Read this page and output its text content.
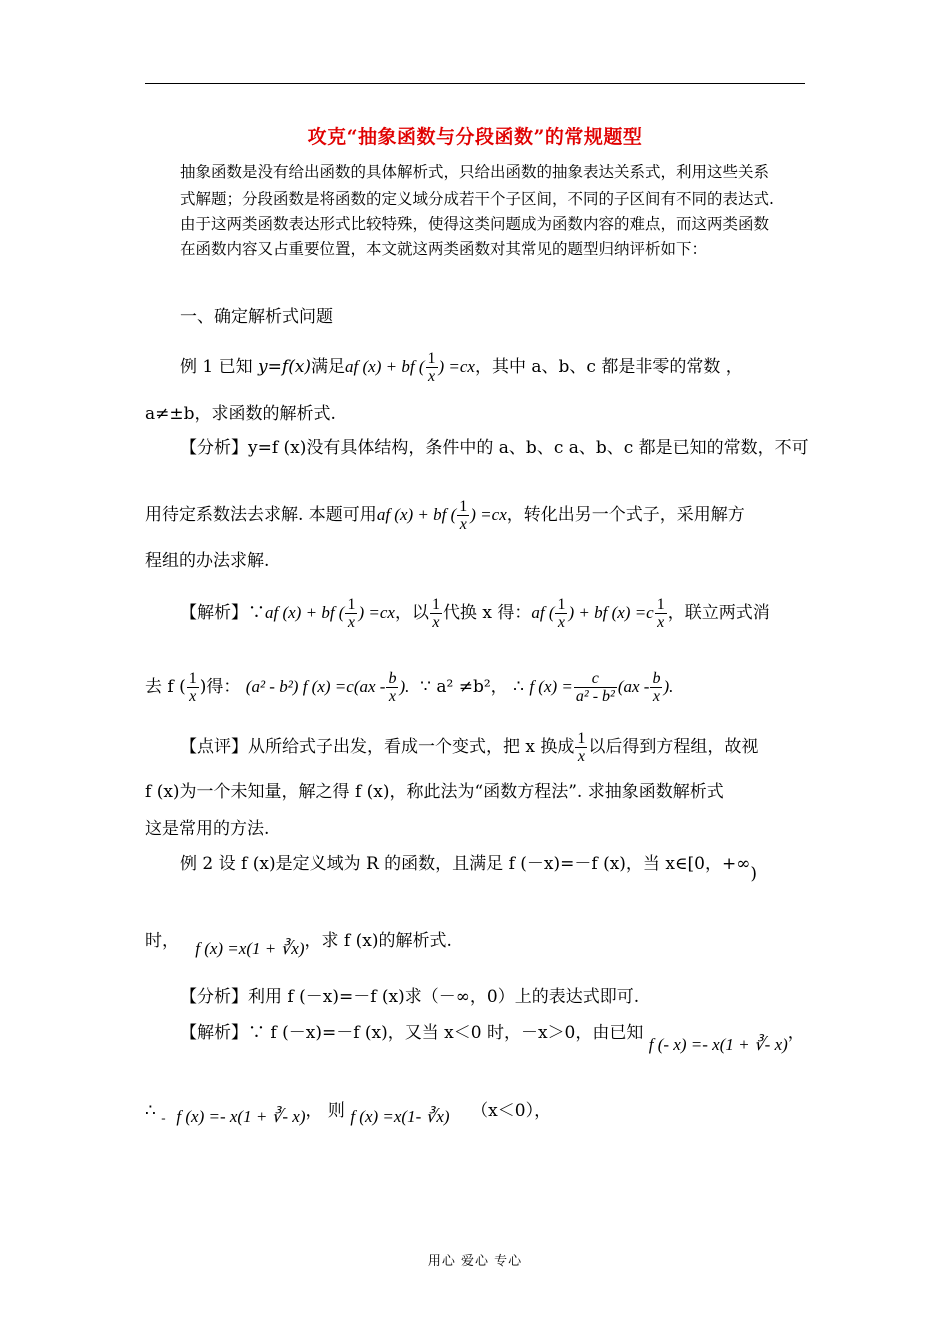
攻克“抽象函数与分段函数”的常规题型
抽象函数是没有给出函数的具体解析式，只给出函数的抽象表达关系式，利用这些关系
式解题；分段函数是将函数的定义域分成若干个子区间，不同的子区间有不同的表达式.
由于这两类函数表达形式比较特殊，使得这类问题成为函数内容的难点，而这两类函数
在函数内容又占重要位置，本文就这两类函数对其常见的题型归纳评析如下：
一、确定解析式问题
例 1 已知 y=f(x)满足af (x) + bf ( $\frac{1}{x}$ ) =cx，其中 a、b、c 都是非零的常数 ，
a≠±b，求函数的解析式.
【分析】y=f (x)没有具体结构，条件中的 a、b、c a、b、c 都是已知的常数，不可
用待定系数法去求解. 本题可用af (x) + bf ( $\frac{1}{x}$ ) =cx，转化出另一个式子，采用解方
程组的办法求解.
【解析】∵af (x) + bf ( $\frac{1}{x}$ ) =cx，以 $\frac{1}{x}$ 代换 x 得：af ( $\frac{1}{x}$ ) + bf $(x) =c \frac{1}{x}$ ，联立两式消
去 f ( $\frac{1}{x}$ )得： (a² - b²) f $(x) =c(ax - \frac{b}{x}$ ). ∵ a² ≠b²， ∴ f $(x) = \frac{c}{\text{a² - b²}} (ax - \frac{b}{x}$ ).
【点评】从所给式子出发，看成一个变式，把 x 换成 $\frac{1}{x}$ 以后得到方程组，故视
f (x)为一个未知量，解之得 f (x)，称此法为“函数方程法”. 求抽象函数解析式
这是常用的方法.
例 2 设 f (x)是定义域为 R 的函数，且满足 f (－x)=－f (x)，当 x∈[0，+∞)
时， f (x) =x(1 + ∛x)，求 f (x)的解析式.
【分析】利用 f (－x)=－f (x)求（－∞，0）上的表达式即可.
【解析】∵ f (－x)=－f (x)，又当 x＜0 时，－x＞0，由已知 f (- x) =- x(1 + ∛- x)，
∴ $_-$ f (x) =- x(1 + ∛- x)， 则 f (x) =x(1- ∛x) （x＜0），
用心 爱心 专心
